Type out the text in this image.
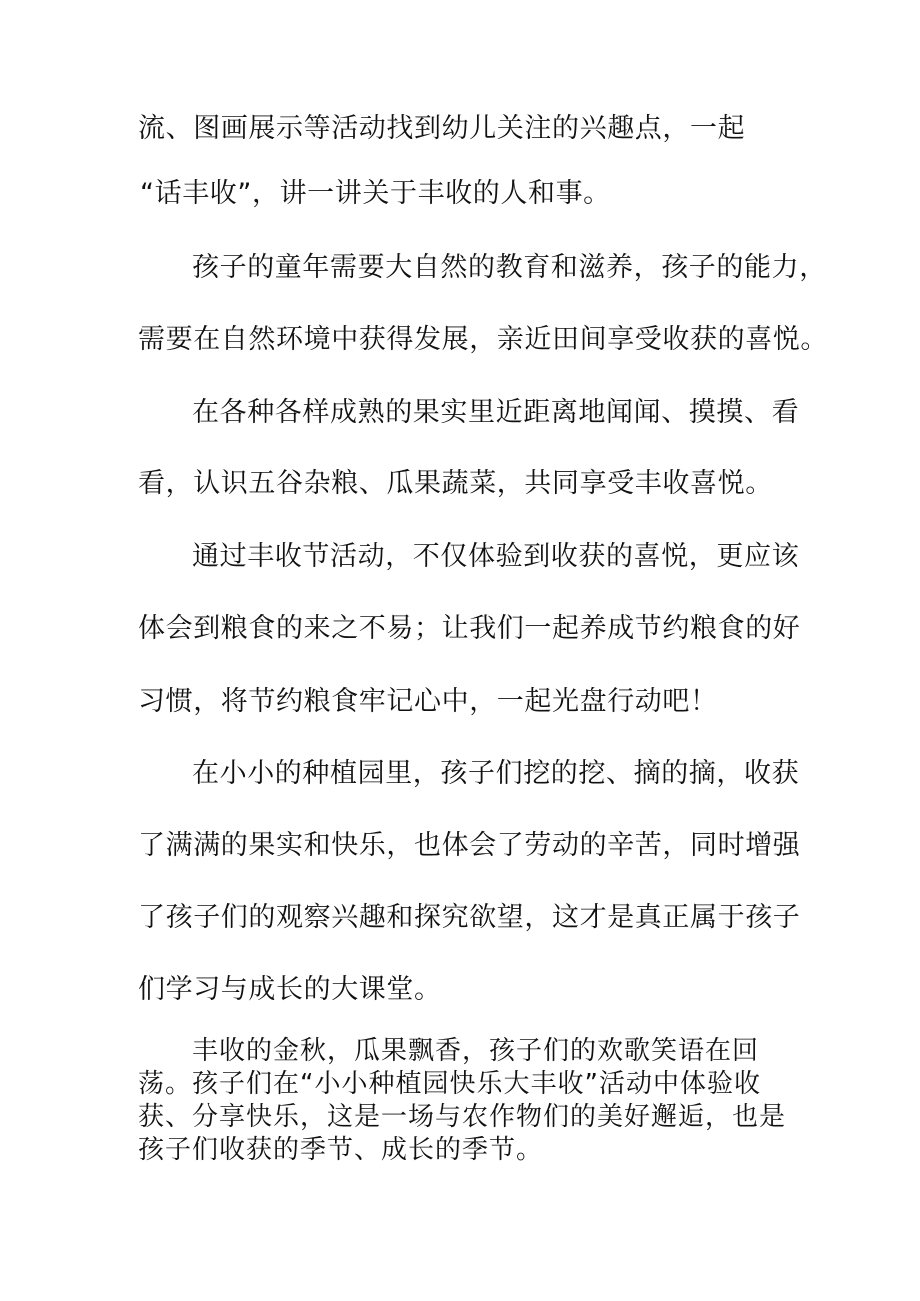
流、图画展示等活动找到幼儿关注的兴趣点，一起
“话丰收”，讲一讲关于丰收的人和事。
孩子的童年需要大自然的教育和滋养，孩子的能力，
需要在自然环境中获得发展，亲近田间享受收获的喜悦。
在各种各样成熟的果实里近距离地闻闻、摸摸、看
看，认识五谷杂粮、瓜果蔬菜，共同享受丰收喜悦。
通过丰收节活动，不仅体验到收获的喜悦，更应该
体会到粮食的来之不易；让我们一起养成节约粮食的好
习惯，将节约粮食牢记心中，一起光盘行动吧！
在小小的种植园里，孩子们挖的挖、摘的摘，收获
了满满的果实和快乐，也体会了劳动的辛苦，同时增强
了孩子们的观察兴趣和探究欲望，这才是真正属于孩子
们学习与成长的大课堂。
丰收的金秋，瓜果飘香，孩子们的欢歌笑语在回
荡。孩子们在“小小种植园快乐大丰收”活动中体验收
获、分享快乐，这是一场与农作物们的美好邂逅，也是
孩子们收获的季节、成长的季节。
